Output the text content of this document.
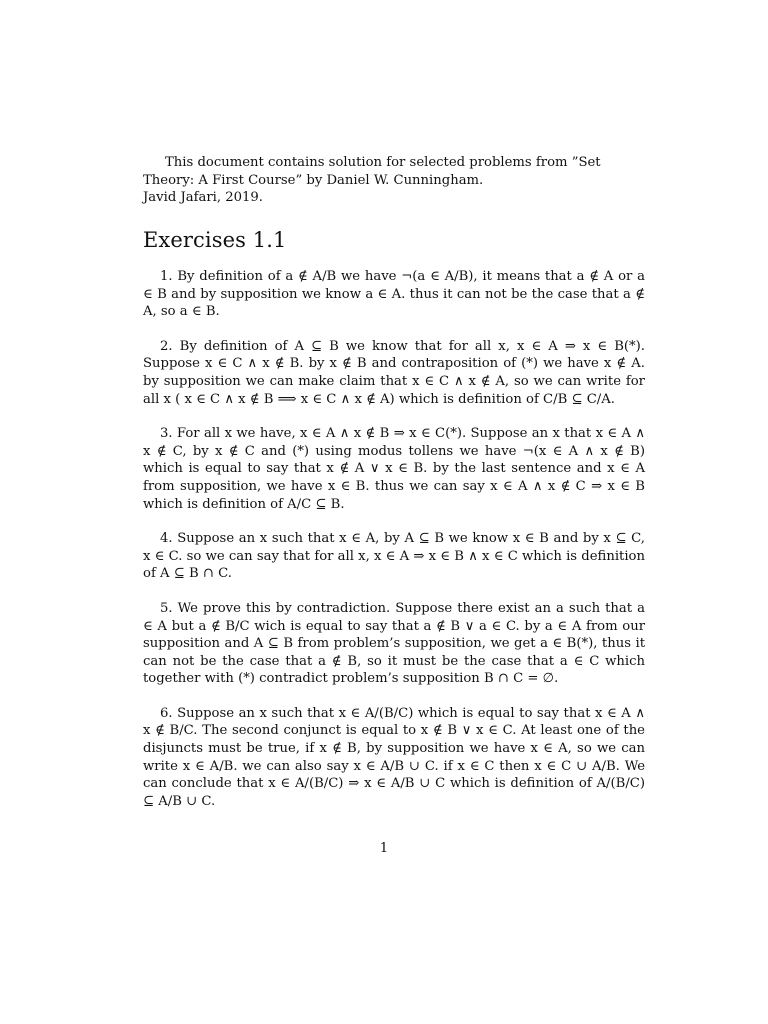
This document contains solution for selected problems from ”Set Theory: A First Course” by Daniel W. Cunningham.

Javid Jafari, 2019.

Exercises 1.1

1. By definition of a ∉ A/B we have ¬(a ∈ A/B), it means that a ∉ A or a ∈ B and by supposition we know a ∈ A. thus it can not be the case that a ∉ A, so a ∈ B.

2. By definition of A ⊆ B we know that for all x, x ∈ A ⇒ x ∈ B(*). Suppose x ∈ C ∧ x ∉ B. by x ∉ B and contraposition of (*) we have x ∉ A. by supposition we can make claim that x ∈ C ∧ x ∉ A, so we can write for all x ( x ∈ C ∧ x ∉ B ⟹ x ∈ C ∧ x ∉ A) which is definition of C/B ⊆ C/A.

3. For all x we have, x ∈ A ∧ x ∉ B ⇒ x ∈ C(*). Suppose an x that x ∈ A ∧ x ∉ C, by x ∉ C and (*) using modus tollens we have ¬(x ∈ A ∧ x ∉ B) which is equal to say that x ∉ A ∨ x ∈ B. by the last sentence and x ∈ A from supposition, we have x ∈ B. thus we can say x ∈ A ∧ x ∉ C ⇒ x ∈ B which is definition of A/C ⊆ B.

4. Suppose an x such that x ∈ A, by A ⊆ B we know x ∈ B and by x ⊆ C, x ∈ C. so we can say that for all x, x ∈ A ⇒ x ∈ B ∧ x ∈ C which is definition of A ⊆ B ∩ C.

5. We prove this by contradiction. Suppose there exist an a such that a ∈ A but a ∉ B/C wich is equal to say that a ∉ B ∨ a ∈ C. by a ∈ A from our supposition and A ⊆ B from problem’s supposition, we get a ∈ B(*), thus it can not be the case that a ∉ B, so it must be the case that a ∈ C which together with (*) contradict problem’s supposition B ∩ C = ∅.

6. Suppose an x such that x ∈ A/(B/C) which is equal to say that x ∈ A ∧ x ∉ B/C. The second conjunct is equal to x ∉ B ∨ x ∈ C. At least one of the disjuncts must be true, if x ∉ B, by supposition we have x ∈ A, so we can write x ∈ A/B. we can also say x ∈ A/B ∪ C. if x ∈ C then x ∈ C ∪ A/B. We can conclude that x ∈ A/(B/C) ⇒ x ∈ A/B ∪ C which is definition of A/(B/C) ⊆ A/B ∪ C.

1
